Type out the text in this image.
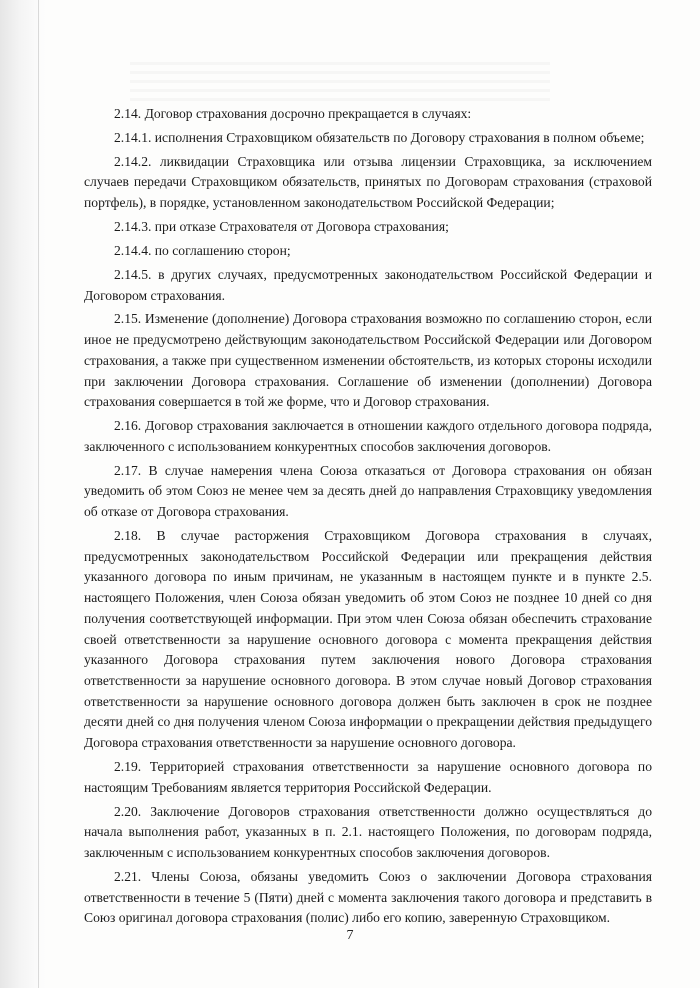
2.14. Договор страхования досрочно прекращается в случаях:

2.14.1. исполнения Страховщиком обязательств по Договору страхования в полном объеме;

2.14.2. ликвидации Страховщика или отзыва лицензии Страховщика, за исключением случаев передачи Страховщиком обязательств, принятых по Договорам страхования (страховой портфель), в порядке, установленном законодательством Российской Федерации;

2.14.3. при отказе Страхователя от Договора страхования;

2.14.4. по соглашению сторон;

2.14.5. в других случаях, предусмотренных законодательством Российской Федерации и Договором страхования.

2.15. Изменение (дополнение) Договора страхования возможно по соглашению сторон, если иное не предусмотрено действующим законодательством Российской Федерации или Договором страхования, а также при существенном изменении обстоятельств, из которых стороны исходили при заключении Договора страхования. Соглашение об изменении (дополнении) Договора страхования совершается в той же форме, что и Договор страхования.

2.16. Договор страхования заключается в отношении каждого отдельного договора подряда, заключенного с использованием конкурентных способов заключения договоров.

2.17. В случае намерения члена Союза отказаться от Договора страхования он обязан уведомить об этом Союз не менее чем за десять дней до направления Страховщику уведомления об отказе от Договора страхования.

2.18. В случае расторжения Страховщиком Договора страхования в случаях, предусмотренных законодательством Российской Федерации или прекращения действия указанного договора по иным причинам, не указанным в настоящем пункте и в пункте 2.5. настоящего Положения, член Союза обязан уведомить об этом Союз не позднее 10 дней со дня получения соответствующей информации. При этом член Союза обязан обеспечить страхование своей ответственности за нарушение основного договора с момента прекращения действия указанного Договора страхования путем заключения нового Договора страхования ответственности за нарушение основного договора. В этом случае новый Договор страхования ответственности за нарушение основного договора должен быть заключен в срок не позднее десяти дней со дня получения членом Союза информации о прекращении действия предыдущего Договора страхования ответственности за нарушение основного договора.

2.19. Территорией страхования ответственности за нарушение основного договора по настоящим Требованиям является территория Российской Федерации.

2.20. Заключение Договоров страхования ответственности должно осуществляться до начала выполнения работ, указанных в п. 2.1. настоящего Положения, по договорам подряда, заключенным с использованием конкурентных способов заключения договоров.

2.21. Члены Союза, обязаны уведомить Союз о заключении Договора страхования ответственности в течение 5 (Пяти) дней с момента заключения такого договора и представить в Союз оригинал договора страхования (полис) либо его копию, заверенную Страховщиком.

7
